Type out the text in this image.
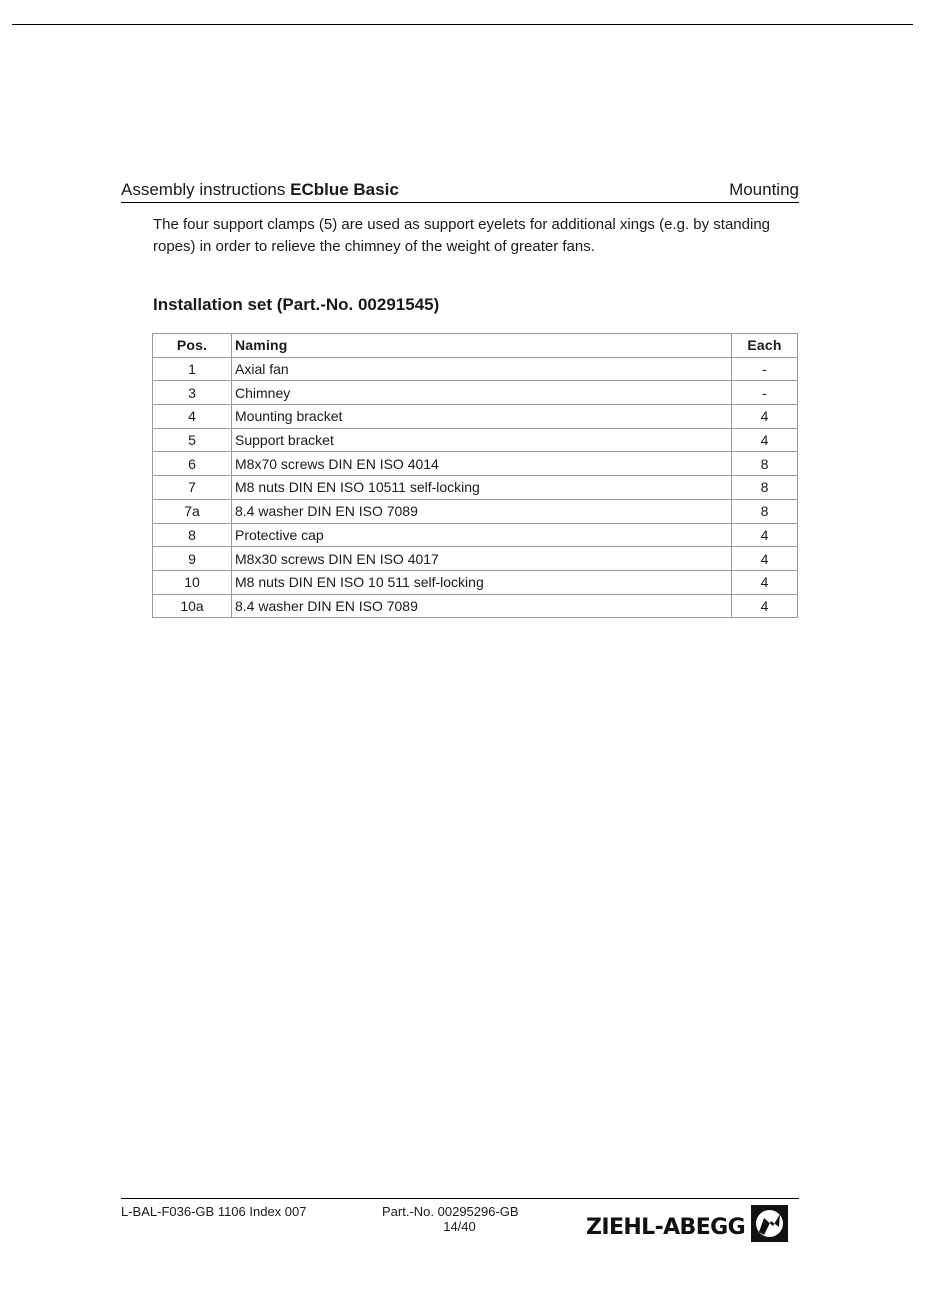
Assembly instructions ECblue Basic	Mounting

The four support clamps (5) are used as support eyelets for additional xings (e.g. by standing ropes) in order to relieve the chimney of the weight of greater fans.

Installation set (Part.-No. 00291545)
Pos.	Naming	Each
1	Axial fan	-
3	Chimney	-
4	Mounting bracket	4
5	Support bracket	4
6	M8x70 screws DIN EN ISO 4014	8
7	M8 nuts DIN EN ISO 10511 self-locking	8
7a	8.4 washer DIN EN ISO 7089	8
8	Protective cap	4
9	M8x30 screws DIN EN ISO 4017	4
10	M8 nuts DIN EN ISO 10 511 self-locking	4
10a	8.4 washer DIN EN ISO 7089	4
L-BAL-F036-GB 1106 Index 007	Part.-No. 00295296-GB
14/40	ZIEHL-ABEGG
